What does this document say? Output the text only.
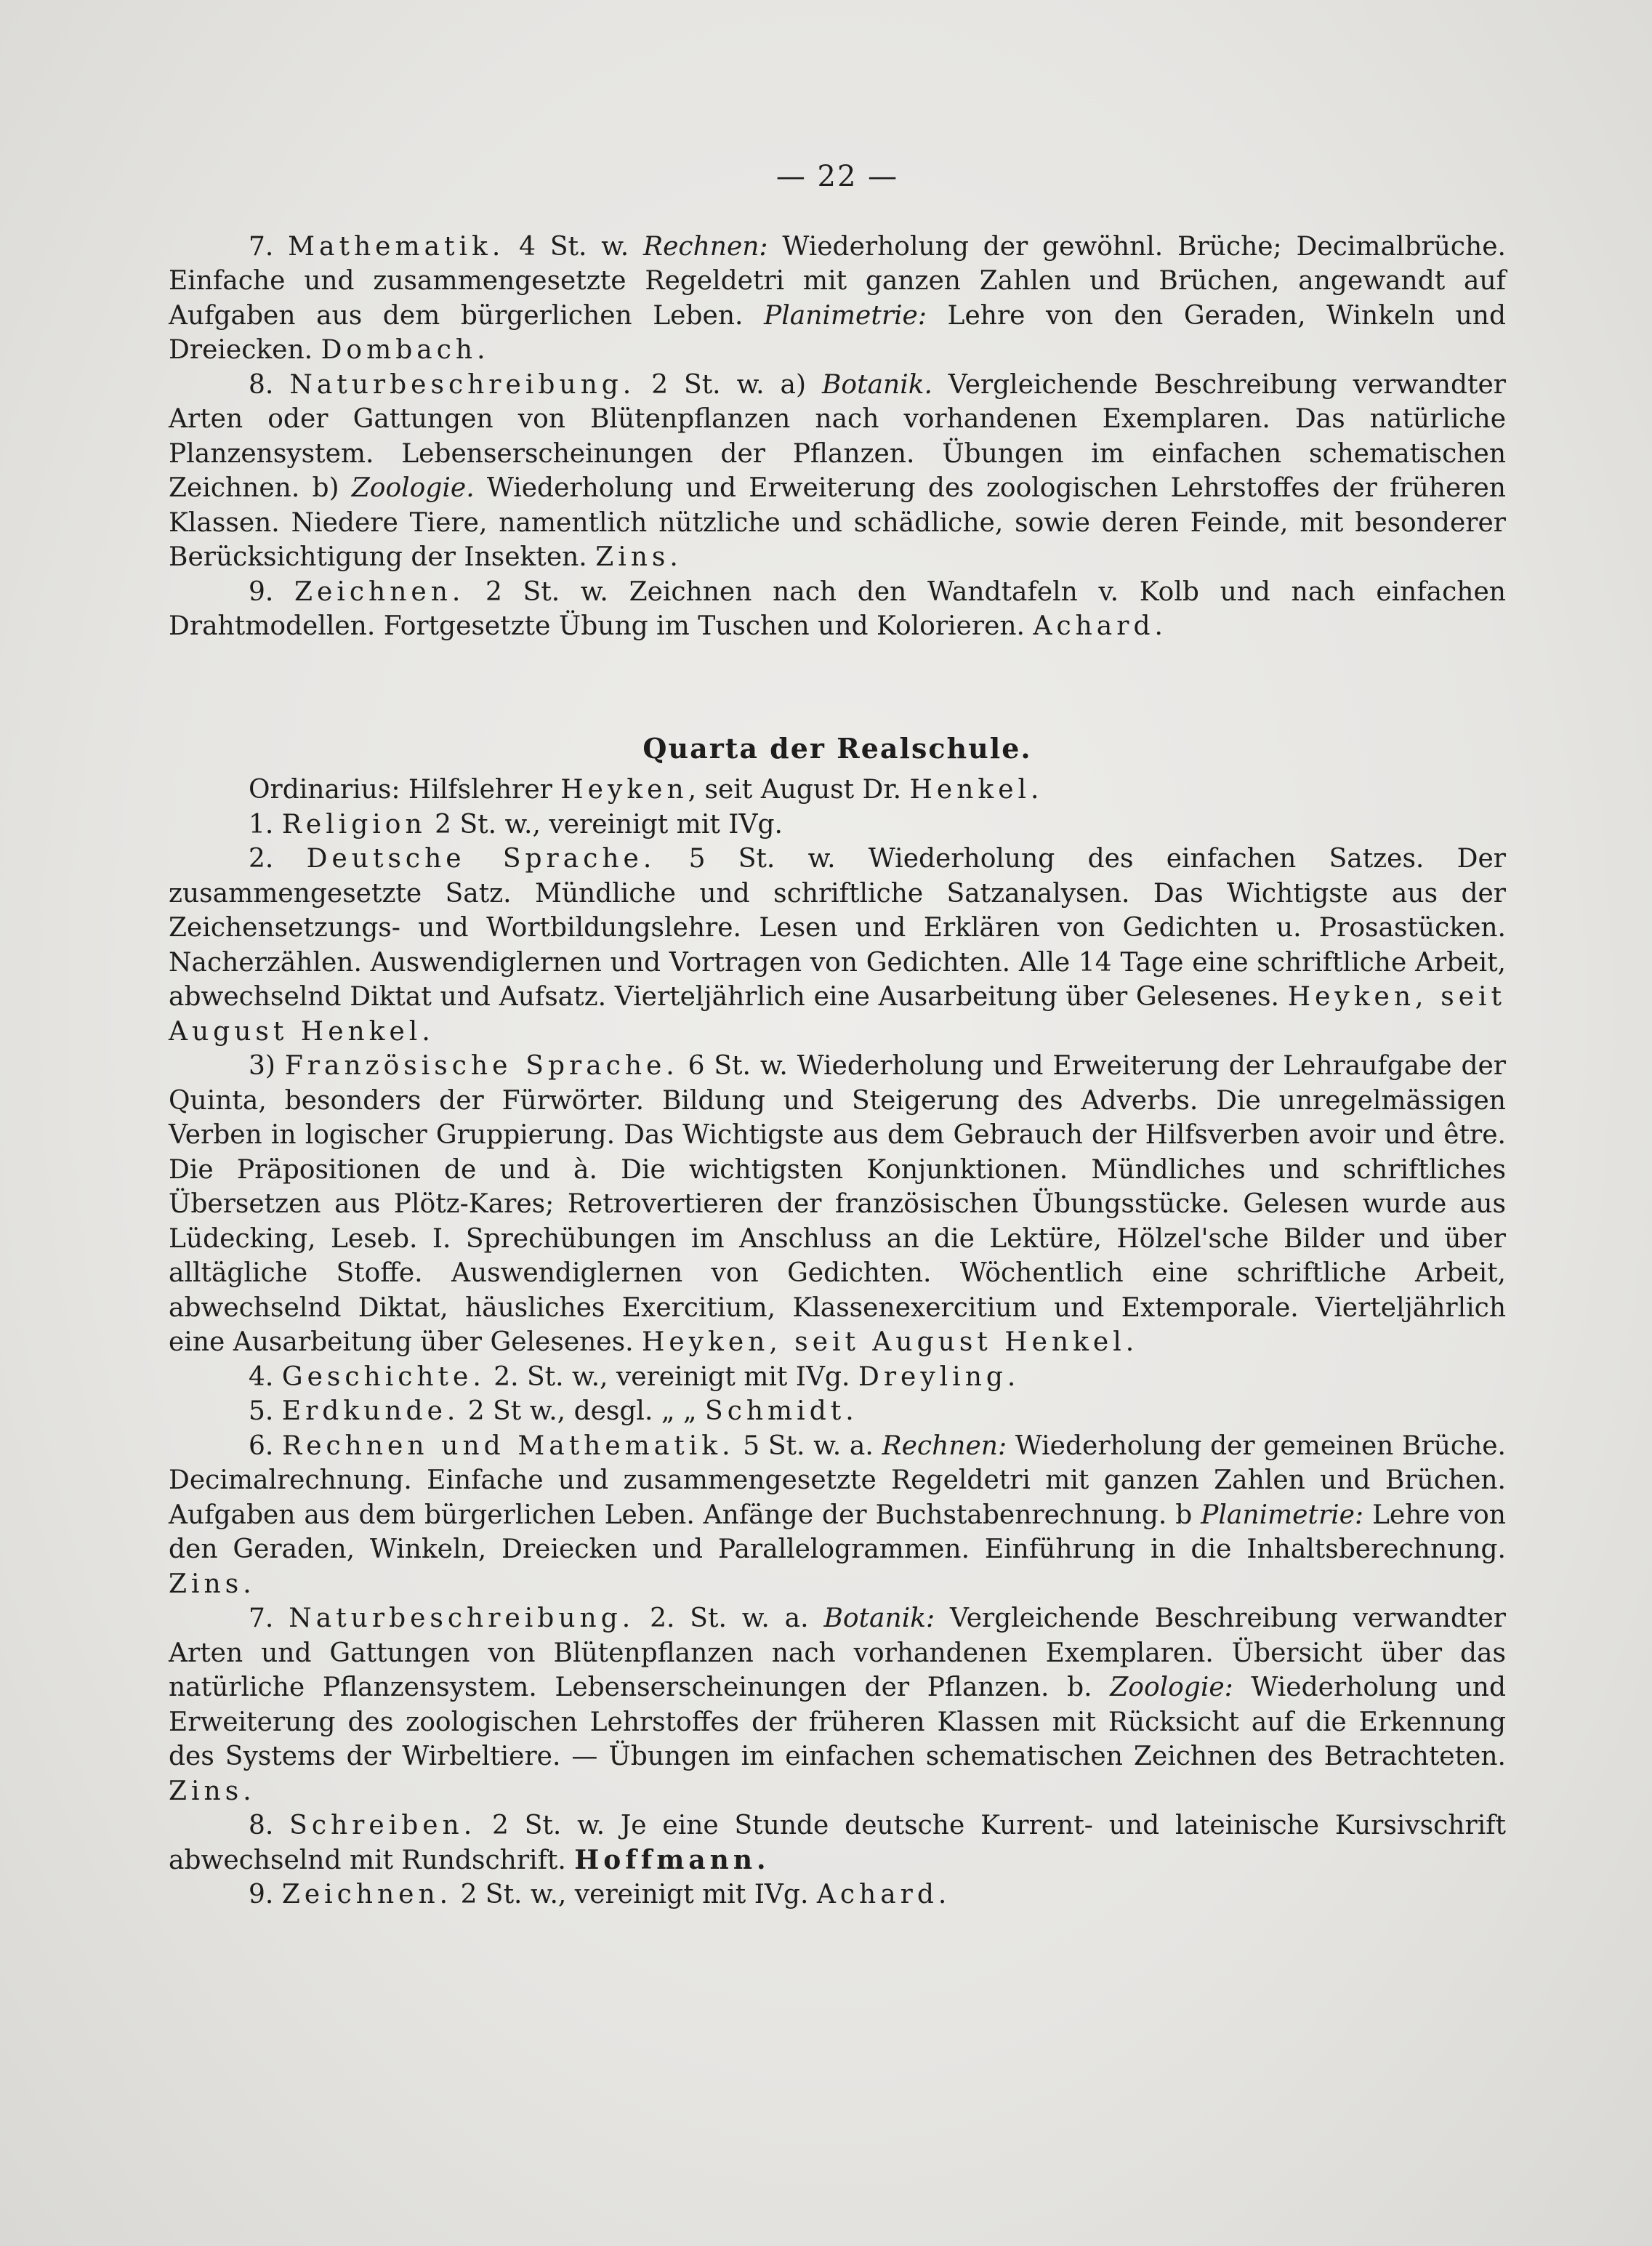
— 22 —

7. Mathematik. 4 St. w. Rechnen: Wiederholung der gewöhnl. Brüche; Decimalbrüche. Einfache und zusammengesetzte Regeldetri mit ganzen Zahlen und Brüchen, angewandt auf Aufgaben aus dem bürgerlichen Leben. Planimetrie: Lehre von den Geraden, Winkeln und Dreiecken. Dombach.

8. Naturbeschreibung. 2 St. w. a) Botanik. Vergleichende Beschreibung verwandter Arten oder Gattungen von Blütenpflanzen nach vorhandenen Exemplaren. Das natürliche Planzensystem. Lebenserscheinungen der Pflanzen. Übungen im einfachen schematischen Zeichnen. b) Zoologie. Wiederholung und Erweiterung des zoologischen Lehrstoffes der früheren Klassen. Niedere Tiere, namentlich nützliche und schädliche, sowie deren Feinde, mit besonderer Berücksichtigung der Insekten. Zins.

9. Zeichnen. 2 St. w. Zeichnen nach den Wandtafeln v. Kolb und nach einfachen Drahtmodellen. Fortgesetzte Übung im Tuschen und Kolorieren. Achard.

Quarta der Realschule.

Ordinarius: Hilfslehrer Heyken, seit August Dr. Henkel.

1. Religion 2 St. w., vereinigt mit IVg.

2. Deutsche Sprache. 5 St. w. Wiederholung des einfachen Satzes. Der zusammengesetzte Satz. Mündliche und schriftliche Satzanalysen. Das Wichtigste aus der Zeichensetzungs- und Wortbildungslehre. Lesen und Erklären von Gedichten u. Prosastücken. Nacherzählen. Auswendiglernen und Vortragen von Gedichten. Alle 14 Tage eine schriftliche Arbeit, abwechselnd Diktat und Aufsatz. Vierteljährlich eine Ausarbeitung über Gelesenes. Heyken, seit August Henkel.

3) Französische Sprache. 6 St. w. Wiederholung und Erweiterung der Lehraufgabe der Quinta, besonders der Fürwörter. Bildung und Steigerung des Adverbs. Die unregelmässigen Verben in logischer Gruppierung. Das Wichtigste aus dem Gebrauch der Hilfsverben avoir und être. Die Präpositionen de und à. Die wichtigsten Konjunktionen. Mündliches und schriftliches Übersetzen aus Plötz-Kares; Retrovertieren der französischen Übungsstücke. Gelesen wurde aus Lüdecking, Leseb. I. Sprechübungen im Anschluss an die Lektüre, Hölzel'sche Bilder und über alltägliche Stoffe. Auswendiglernen von Gedichten. Wöchentlich eine schriftliche Arbeit, abwechselnd Diktat, häusliches Exercitium, Klassenexercitium und Extemporale. Vierteljährlich eine Ausarbeitung über Gelesenes. Heyken, seit August Henkel.

4. Geschichte. 2. St. w., vereinigt mit IVg. Dreyling.

5. Erdkunde. 2 St w., desgl. „ „ Schmidt.

6. Rechnen und Mathematik. 5 St. w. a. Rechnen: Wiederholung der gemeinen Brüche. Decimalrechnung. Einfache und zusammengesetzte Regeldetri mit ganzen Zahlen und Brüchen. Aufgaben aus dem bürgerlichen Leben. Anfänge der Buchstabenrechnung. b Planimetrie: Lehre von den Geraden, Winkeln, Dreiecken und Parallelogrammen. Einführung in die Inhaltsberechnung. Zins.

7. Naturbeschreibung. 2. St. w. a. Botanik: Vergleichende Beschreibung verwandter Arten und Gattungen von Blütenpflanzen nach vorhandenen Exemplaren. Übersicht über das natürliche Pflanzensystem. Lebenserscheinungen der Pflanzen. b. Zoologie: Wiederholung und Erweiterung des zoologischen Lehrstoffes der früheren Klassen mit Rücksicht auf die Erkennung des Systems der Wirbeltiere. — Übungen im einfachen schematischen Zeichnen des Betrachteten. Zins.

8. Schreiben. 2 St. w. Je eine Stunde deutsche Kurrent- und lateinische Kursivschrift abwechselnd mit Rundschrift. Hoffmann.

9. Zeichnen. 2 St. w., vereinigt mit IVg. Achard.
